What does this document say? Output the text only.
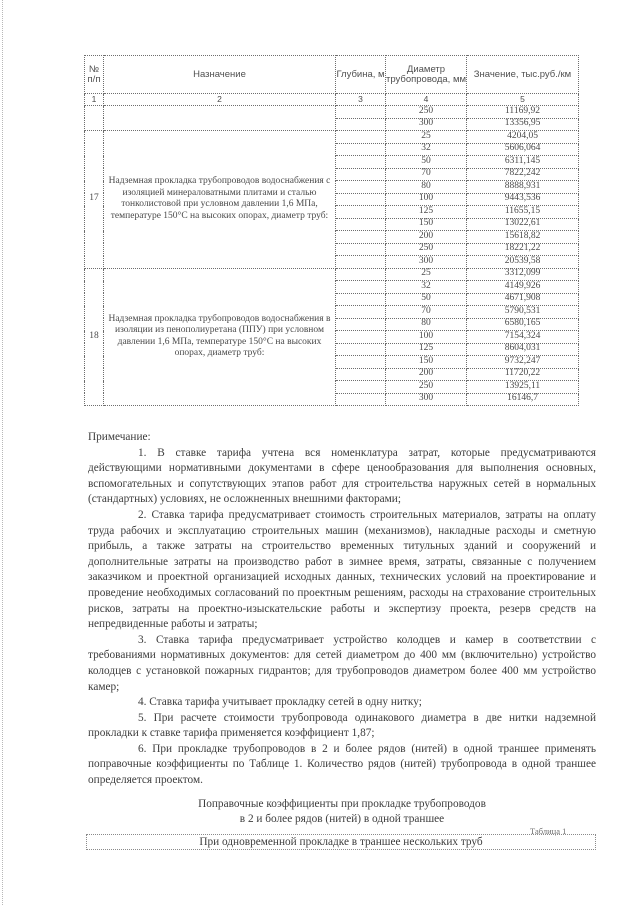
№ п/п	Назначение	Глубина, м	Диаметр трубопровода, мм	Значение, тыс.руб./км
1	2	3	4	5
			250	11169,92
			300	13356,95
17	Надземная прокладка трубопроводов водоснабжения с изоляцией минераловатными плитами и сталью тонколистовой при условном давлении 1,6 МПа, температуре 150°С на высоких опорах, диаметр труб:		25	4204,05
			32	5606,064
			50	6311,145
			70	7822,242
			80	8888,931
			100	9443,536
			125	11655,15
			150	13022,61
			200	15618,82
			250	18221,22
			300	20539,58
18	Надземная прокладка трубопроводов водоснабжения в изоляции из пенополиуретана (ППУ) при условном давлении 1,6 МПа, температуре 150°С на высоких опорах, диаметр труб:		25	3312,099
			32	4149,926
			50	4671,908
			70	5790,531
			80	6580,165
			100	7154,324
			125	8604,031
			150	9732,247
			200	11720,22
			250	13925,11
			300	16146,7
Примечание:

1. В ставке тарифа учтена вся номенклатура затрат, которые предусматриваются действующими нормативными документами в сфере ценообразования для выполнения основных, вспомогательных и сопутствующих этапов работ для строительства наружных сетей в нормальных (стандартных) условиях, не осложненных внешними факторами;

2. Ставка тарифа предусматривает стоимость строительных материалов, затраты на оплату труда рабочих и эксплуатацию строительных машин (механизмов), накладные расходы и сметную прибыль, а также затраты на строительство временных титульных зданий и сооружений и дополнительные затраты на производство работ в зимнее время, затраты, связанные с получением заказчиком и проектной организацией исходных данных, технических условий на проектирование и проведение необходимых согласований по проектным решениям, расходы на страхование строительных рисков, затраты на проектно-изыскательские работы и экспертизу проекта, резерв средств на непредвиденные работы и затраты;

3. Ставка тарифа предусматривает устройство колодцев и камер в соответствии с требованиями нормативных документов: для сетей диаметром до 400 мм (включительно) устройство колодцев с установкой пожарных гидрантов; для трубопроводов диаметром более 400 мм устройство камер;

4. Ставка тарифа учитывает прокладку сетей в одну нитку;

5. При расчете стоимости трубопровода одинакового диаметра в две нитки надземной прокладки к ставке тарифа применяется коэффициент 1,87;

6. При прокладке трубопроводов в 2 и более рядов (нитей) в одной траншее применять поправочные коэффициенты по Таблице 1. Количество рядов (нитей) трубопровода в одной траншее определяется проектом.

Поправочные коэффициенты при прокладке трубопроводов
в 2 и более рядов (нитей) в одной траншее
Таблица 1
При одновременной прокладке в траншее нескольких труб
